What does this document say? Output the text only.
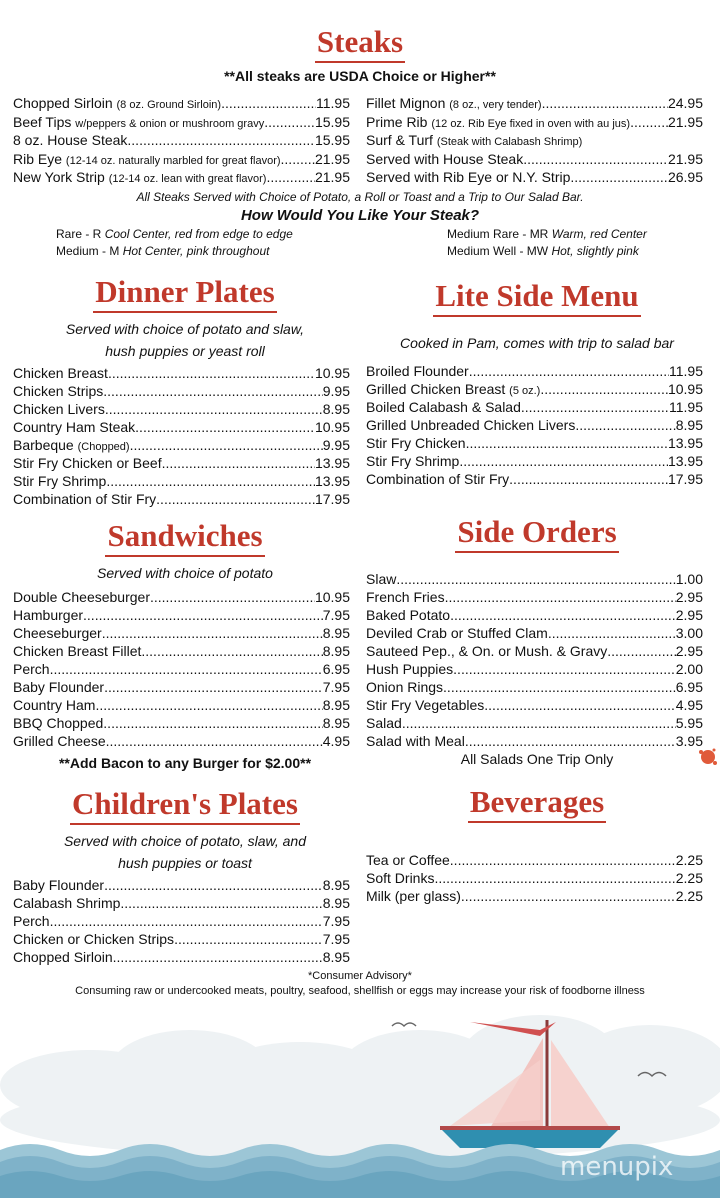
Steaks
**All steaks are USDA Choice or Higher**
Chopped Sirloin (8 oz. Ground Sirloin) .....	11.95
Beef Tips w/peppers & onion or mushroom gravy .....	15.95
8 oz. House Steak .....	15.95
Rib Eye (12-14 oz. naturally marbled for great flavor) ..... 21.95
New York Strip (12-14 oz. lean with great flavor) .....	21.95
Fillet Mignon (8 oz., very tender) .....	24.95
Prime Rib (12 oz. Rib Eye fixed in oven with au jus) .....	21.95
Surf & Turf (Steak with Calabash Shrimp)
Served with House Steak .....	21.95
Served with Rib Eye or N.Y. Strip .....	26.95
All Steaks Served with Choice of Potato, a Roll or Toast and a Trip to Our Salad Bar.
How Would You Like Your Steak?
Rare - R Cool Center, red from edge to edge
Medium - M Hot Center, pink throughout
Medium Rare - MR Warm, red Center
Medium Well - MW Hot, slightly pink
Dinner Plates
Served with choice of potato and slaw,
hush puppies or yeast roll
Chicken Breast .....	10.95
Chicken Strips .....	9.95
Chicken Livers .....	8.95
Country Ham Steak .....	10.95
Barbeque (Chopped) .....	9.95
Stir Fry Chicken or Beef .....	13.95
Stir Fry Shrimp .....	13.95
Combination of Stir Fry .....	17.95
Lite Side Menu
Cooked in Pam, comes with trip to salad bar
Broiled Flounder .....	11.95
Grilled Chicken Breast (5 oz.) .....	10.95
Boiled Calabash & Salad .....	11.95
Grilled Unbreaded Chicken Livers .....	8.95
Stir Fry Chicken .....	13.95
Stir Fry Shrimp .....	13.95
Combination of Stir Fry .....	17.95
Sandwiches
Served with choice of potato
Double Cheeseburger .....	10.95
Hamburger .....	7.95
Cheeseburger .....	8.95
Chicken Breast Fillet .....	8.95
Perch .....	6.95
Baby Flounder .....	7.95
Country Ham .....	8.95
BBQ Chopped .....	8.95
Grilled Cheese .....	4.95
**Add Bacon to any Burger for $2.00**
Side Orders
Slaw .....	1.00
French Fries .....	2.95
Baked Potato .....	2.95
Deviled Crab or Stuffed Clam .....	3.00
Sauteed Pep., & On. or Mush. & Gravy .....	2.95
Hush Puppies .....	2.00
Onion Rings .....	6.95
Stir Fry Vegetables .....	4.95
Salad .....	5.95
Salad with Meal .....	3.95
All Salads One Trip Only
Children's Plates
Served with choice of potato, slaw, and
hush puppies or toast
Baby Flounder .....	8.95
Calabash Shrimp .....	8.95
Perch .....	7.95
Chicken or Chicken Strips .....	7.95
Chopped Sirloin .....	8.95
Beverages
Tea or Coffee .....	2.25
Soft Drinks .....	2.25
Milk (per glass) .....	2.25
*Consumer Advisory*
Consuming raw or undercooked meats, poultry, seafood, shellfish or eggs may increase your risk of foodborne illness
menupix
